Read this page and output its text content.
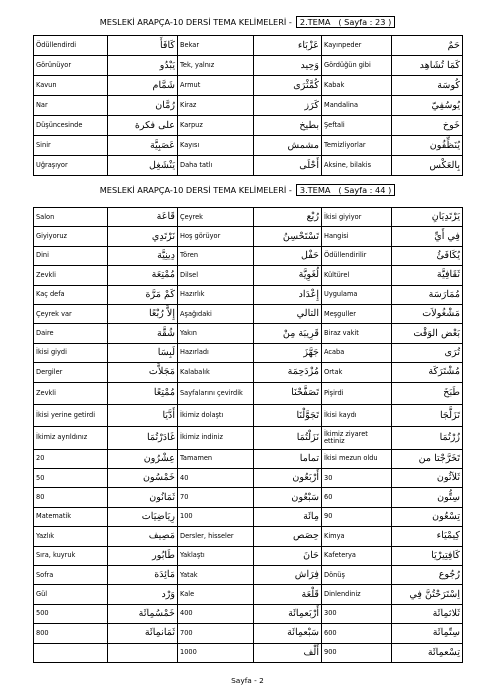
MESLEKİ ARAPÇA-10 DERSİ TEMA KELİMELERİ - 2.TEMA ( Sayfa : 23 )
Ödüllendirdi	كَافَأَ	Bekar	عَزْبَاء	Kayınpeder	حَمٌ
Görünüyor	يَبْدُو	Tek, yalnız	وَحِيد	Gördüğün gibi	كَمَا تُشَاهِد
Kavun	شَمَّام	Armut	كُمَّثْرَى	Kabak	كُوسَة
Nar	رُمَّان	Kiraz	كَرَز	Mandalina	يُوسُفِيّ
Düşüncesinde	على فكرة	Karpuz	بطيخ	Şeftali	خَوخ
Sinir	عَصَبِيَّة	Kayısı	مشمش	Temizliyorlar	يُنَظِّفُون
Uğraşıyor	يَنْشَغِل	Daha tatlı	أَحْلَى	Aksine, bilakis	بِالعَكْس
MESLEKİ ARAPÇA-10 DERSİ TEMA KELİMELERİ - 3.TEMA ( Sayfa : 44 )
Salon	قَاعَة	Çeyrek	رُبْع	İkisi giyiyor	يَرْتَدِيَانِ
Giyiyoruz	نَرْتَدِي	Hoş görüyor	تَسْتَحْسِنُ	Hangisi	فِي أَيِّ
Dini	دِينِيَّة	Tören	حَفْل	Ödüllendirilir	يُكَافَئُ
Zevkli	مُمْتِعَة	Dilsel	لُغَوِيَّة	Kültürel	ثَقَافِيَّة
Kaç defa	كَمْ مَرَّة	Hazırlık	إِعْدَاد	Uygulama	مُمَارَسَة
Çeyrek var	إِلاَّ رُبْعًا	Aşağıdaki	التالي	Meşguller	مَشْغُولاَت
Daire	شُقَّة	Yakın	قَرِيبَة مِنْ	Biraz vakit	بَعْض الوَقْت
İkisi giydi	لَبِسَا	Hazırladı	جَهَّزَ	Acaba	تُرَى
Dergiler	مَجَلاَّت	Kalabalık	مُزْدَحِمَة	Ortak	مُشْتَرَكَة
Zevkli	مُمْتِعًا	Sayfalarını çevirdik	تَصَفَّحْنَا	Pişirdi	طَبَخَ
İkisi yerine getirdi	أَدَّيَا	İkimiz dolaştı	تَجَوَّلْنَا	İkisi kaydı	تَزَلَّجَا
İkimiz ayrıldınız	غَادَرْتُمَا	İkimiz indiniz	نَزَلْتُمَا	İkimiz ziyaret ettiniz	زُرْتُمَا
20	عِشْرُون	Tamamen	تماما	İkisi mezun oldu	تَخَرَّجْتا من
50	خَمْسُون	40	أَرْبَعُون	30	ثَلاَثُون
80	ثَمَانُون	70	سَبْعُون	60	سِتُّون
Matematik	رِيَاضِيَات	100	مِائَة	90	تِسْعُون
Yazlık	مَصِيف	Dersler, hisseler	حِصَص	Kimya	كِيمْيَاء
Sıra, kuyruk	طَابُور	Yaklaştı	حَانَ	Kafeterya	كَافِتِيرْيَا
Sofra	مَائِدَة	Yatak	فِرَاش	Dönüş	رُجُوع
Gül	وَرْد	Kale	قَلْعَة	Dinlendiniz	اِسْتَرَحْتُنَّ فِي
500	خَمْسُمِائَة	400	أَرْبَعمِائَة	300	ثَلاثمِائَة
800	ثَمَانمِائَة	700	سَبْعمِائَة	600	سِتّمِائَة
		1000	أَلْف	900	تِسْعمِائَة
Sayfa - 2
